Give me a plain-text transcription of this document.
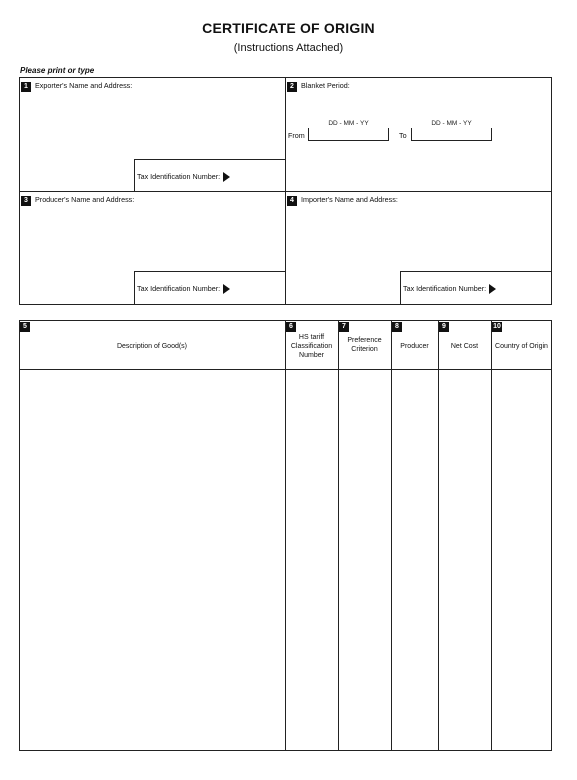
CERTIFICATE OF ORIGIN
(Instructions Attached)
Please print or type
1 Exporter's Name and Address:
Tax Identification Number:
2 Blanket Period:
From
DD - MM - YY
To
DD - MM - YY
3 Producer's Name and Address:
Tax Identification Number:
4 Importer's Name and Address:
Tax Identification Number:
5
Description of Good(s)
6
HS tariff Classification Number
7
Preference Criterion
8
Producer
9
Net Cost
10
Country of Origin
